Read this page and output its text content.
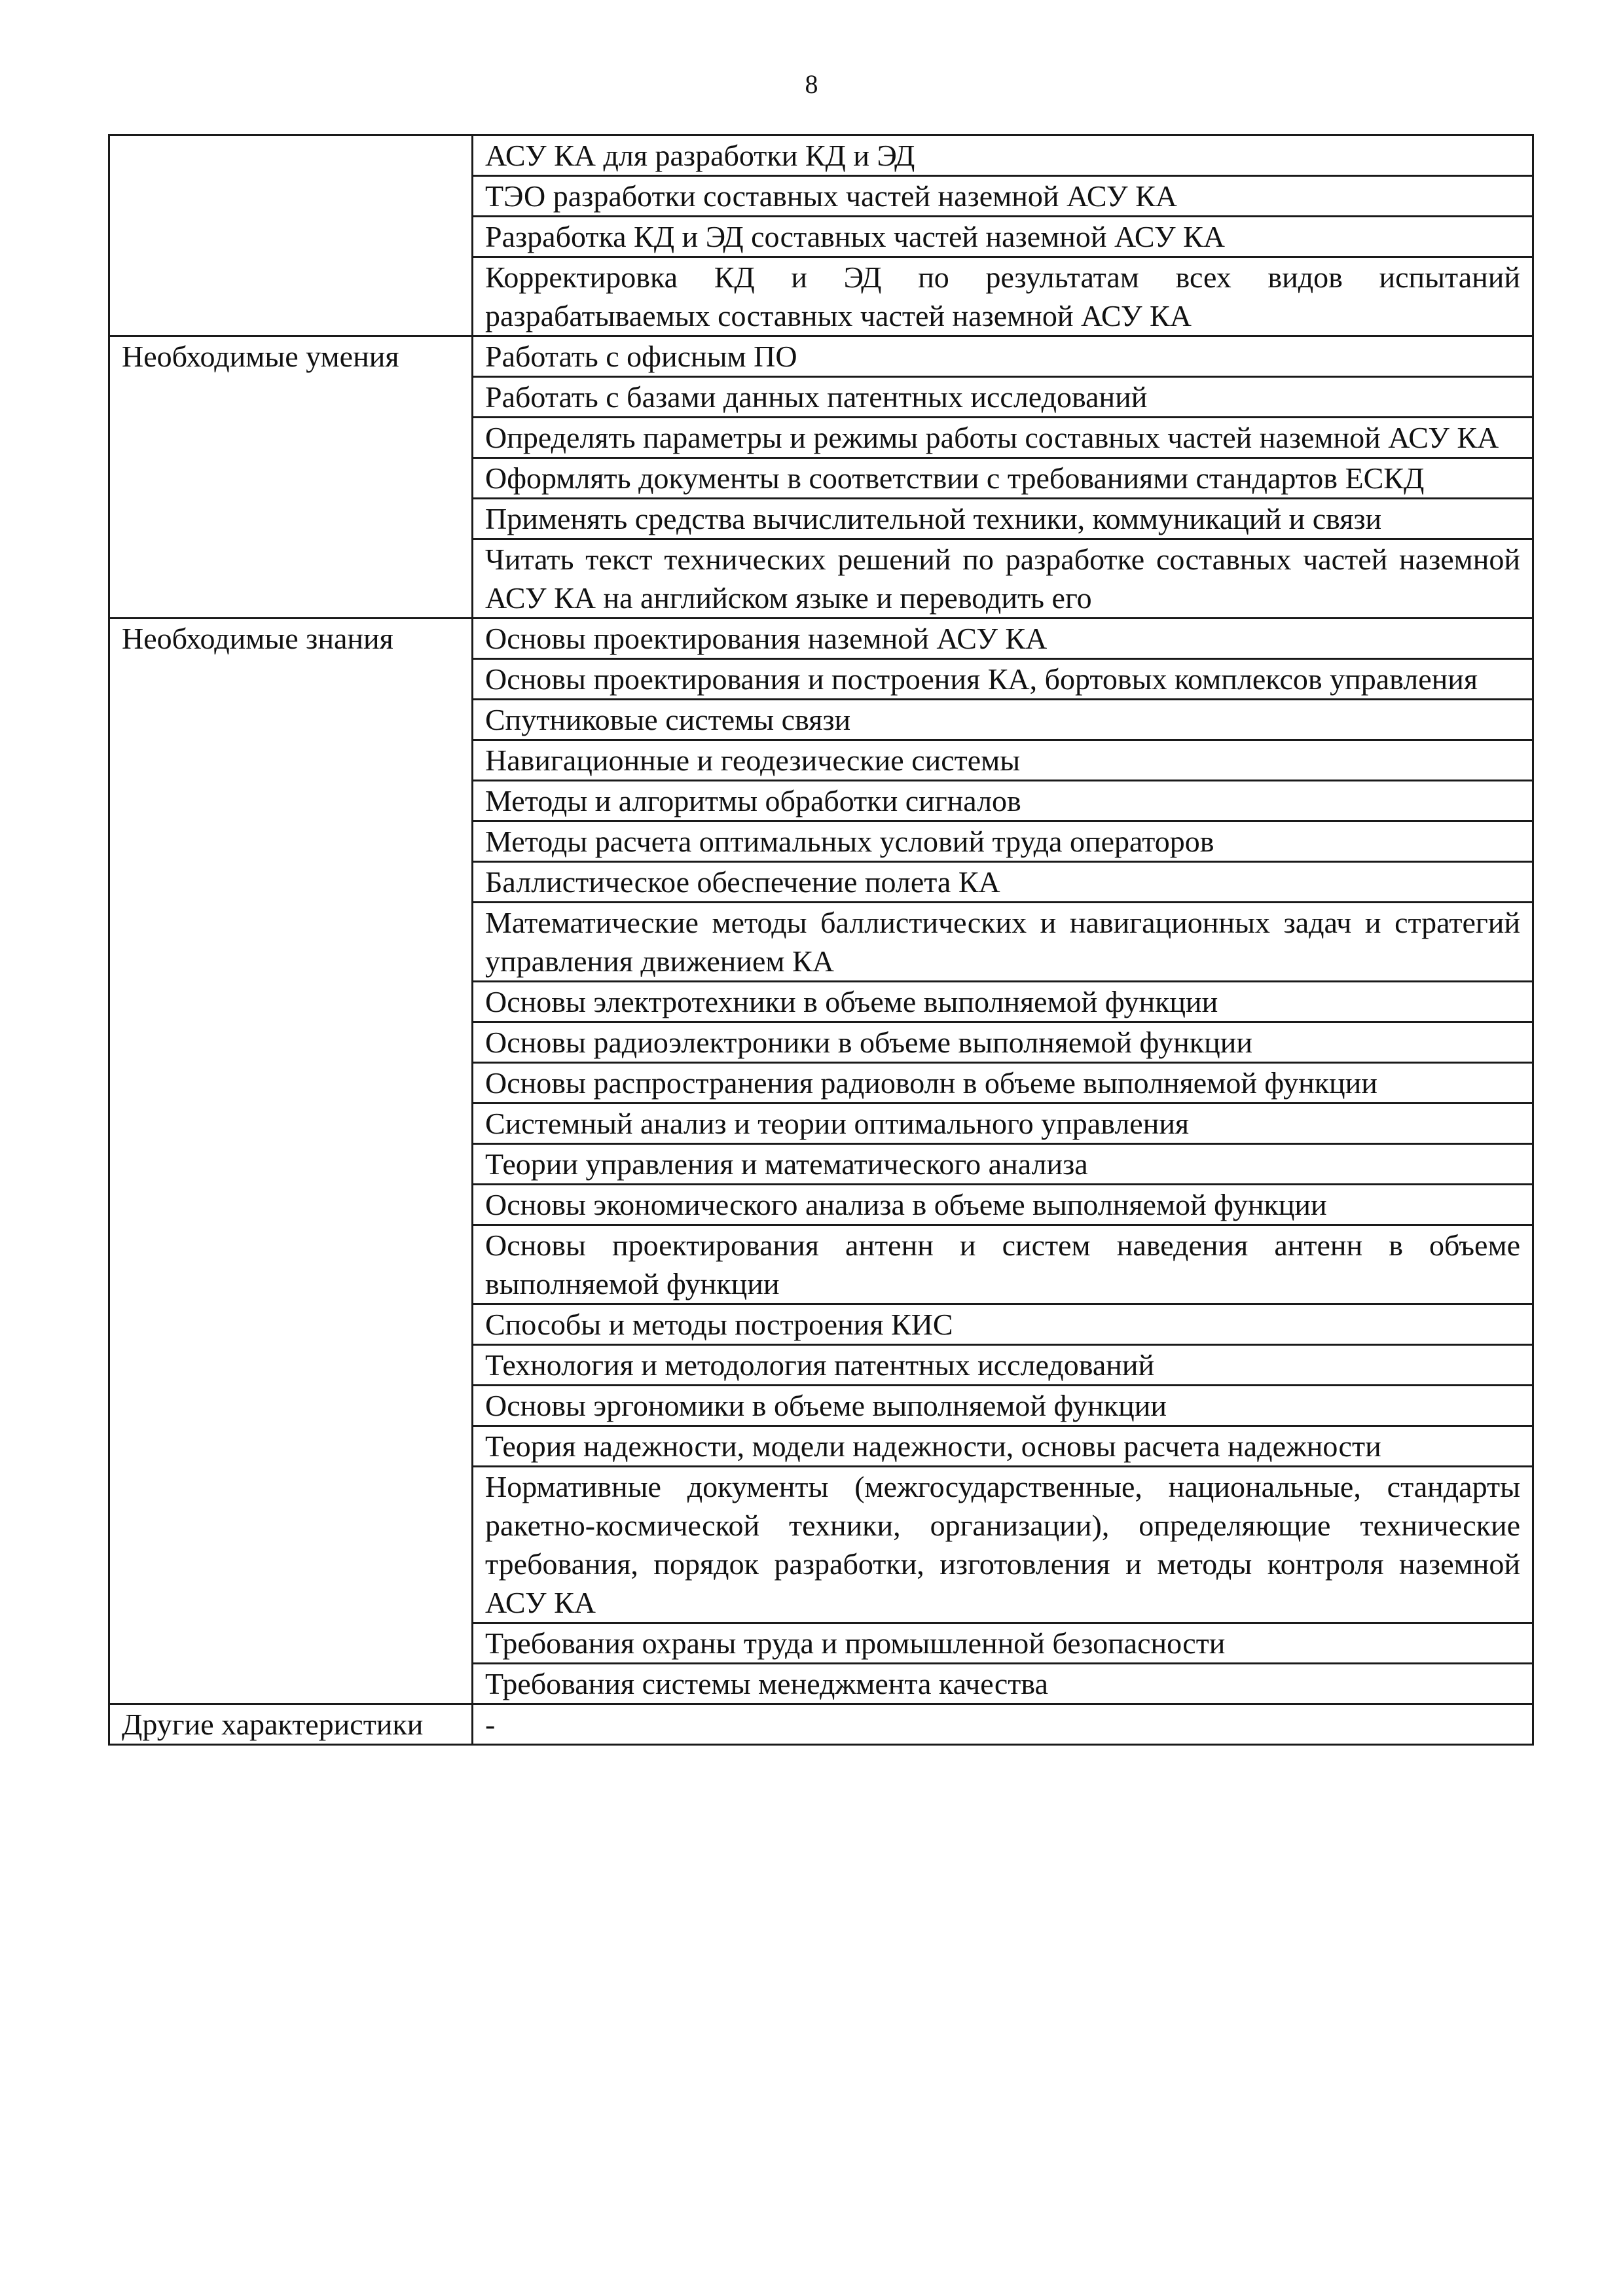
8
	АСУ КА для разработки КД и ЭД
	ТЭО разработки составных частей наземной АСУ КА
	Разработка КД и ЭД составных частей наземной АСУ КА
	Корректировка КД и ЭД по результатам всех видов испытаний разрабатываемых составных частей наземной АСУ КА
Необходимые умения	Работать с офисным ПО
	Работать с базами данных патентных исследований
	Определять параметры и режимы работы составных частей наземной АСУ КА
	Оформлять документы в соответствии с требованиями стандартов ЕСКД
	Применять средства вычислительной техники, коммуникаций и связи
	Читать текст технических решений по разработке составных частей наземной АСУ КА на английском языке и переводить его
Необходимые знания	Основы проектирования наземной АСУ КА
	Основы проектирования и построения КА, бортовых комплексов управления
	Спутниковые системы связи
	Навигационные и геодезические системы
	Методы и алгоритмы обработки сигналов
	Методы расчета оптимальных условий труда операторов
	Баллистическое обеспечение полета КА
	Математические методы баллистических и навигационных задач и стратегий управления движением КА
	Основы электротехники в объеме выполняемой функции
	Основы радиоэлектроники в объеме выполняемой функции
	Основы распространения радиоволн в объеме выполняемой функции
	Системный анализ и теории оптимального управления
	Теории управления и математического анализа
	Основы экономического анализа в объеме выполняемой функции
	Основы проектирования антенн и систем наведения антенн в объеме выполняемой функции
	Способы и методы построения КИС
	Технология и методология патентных исследований
	Основы эргономики в объеме выполняемой функции
	Теория надежности, модели надежности, основы расчета надежности
	Нормативные документы (межгосударственные, национальные, стандарты ракетно-космической техники, организации), определяющие технические требования, порядок разработки, изготовления и методы контроля наземной АСУ КА
	Требования охраны труда и промышленной безопасности
	Требования системы менеджмента качества
Другие характеристики	-
